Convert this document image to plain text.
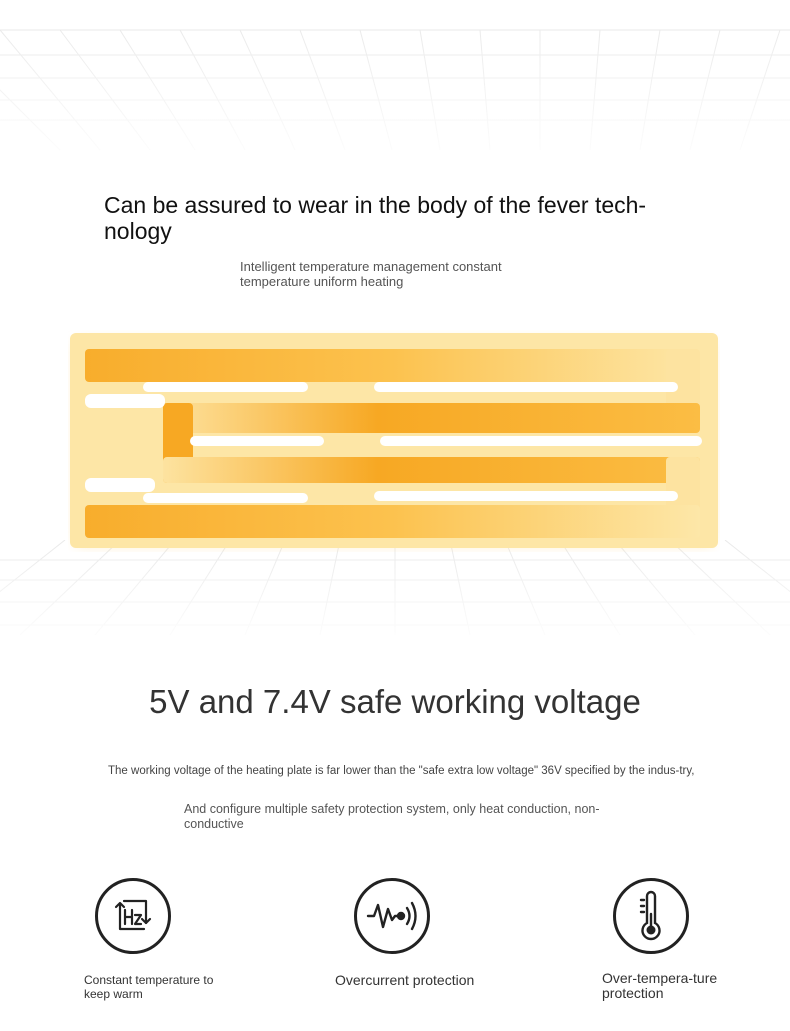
Can be assured to wear in the body of the fever tech-nology
Intelligent temperature management constant temperature uniform heating
5V and 7.4V safe working voltage
The working voltage of the heating plate is far lower than the "safe extra low voltage" 36V specified by the indus-try,
And configure multiple safety protection system, only heat conduction, non-conductive
Constant temperature to keep warm
Overcurrent protection	Over-tempera-ture protection
